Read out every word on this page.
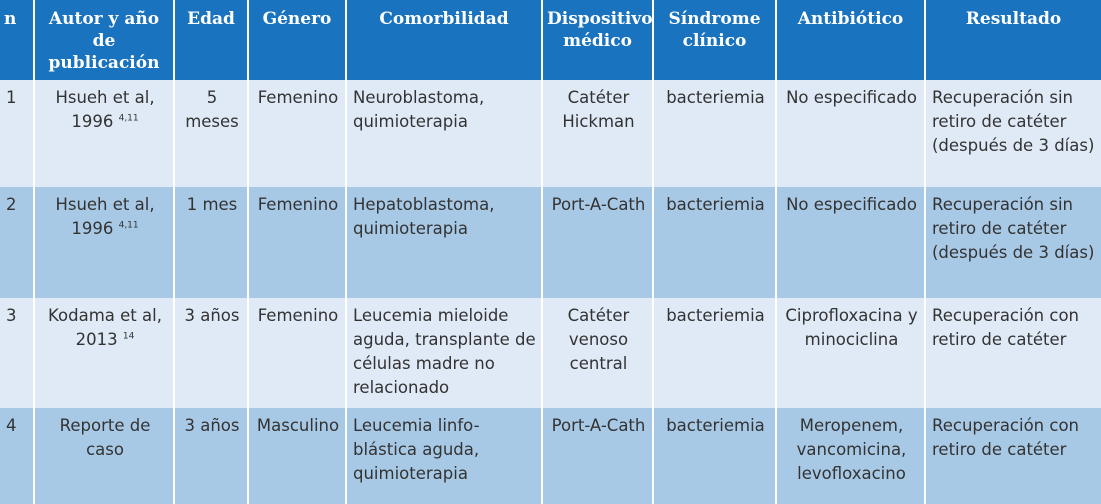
n	Autor y año de publicación	Edad	Género	Comorbilidad	Dispositivo médico	Síndrome clínico	Antibiótico	Resultado
1	Hsueh et al, 1996 $^{4,11}$	5 meses	Femenino	Neuroblastoma, quimioterapia	Catéter Hickman	bacteriemia	No especificado	Recuperación sin retiro de catéter (después de 3 días)
2	Hsueh et al, 1996 $^{4,11}$	1 mes	Femenino	Hepatoblastoma, quimioterapia	Port-A-Cath	bacteriemia	No especificado	Recuperación sin retiro de catéter (después de 3 días)
3	Kodama et al, 2013 $^{14}$	3 años	Femenino	Leucemia mieloide aguda, transplante de células madre no relacionado	Catéter venoso central	bacteriemia	Ciprofloxacina y minociclina	Recuperación con retiro de catéter
4	Reporte de caso	3 años	Masculino	Leucemia linfo-blástica aguda, quimioterapia	Port-A-Cath	bacteriemia	Meropenem, vancomicina, levofloxacino	Recuperación con retiro de catéter
